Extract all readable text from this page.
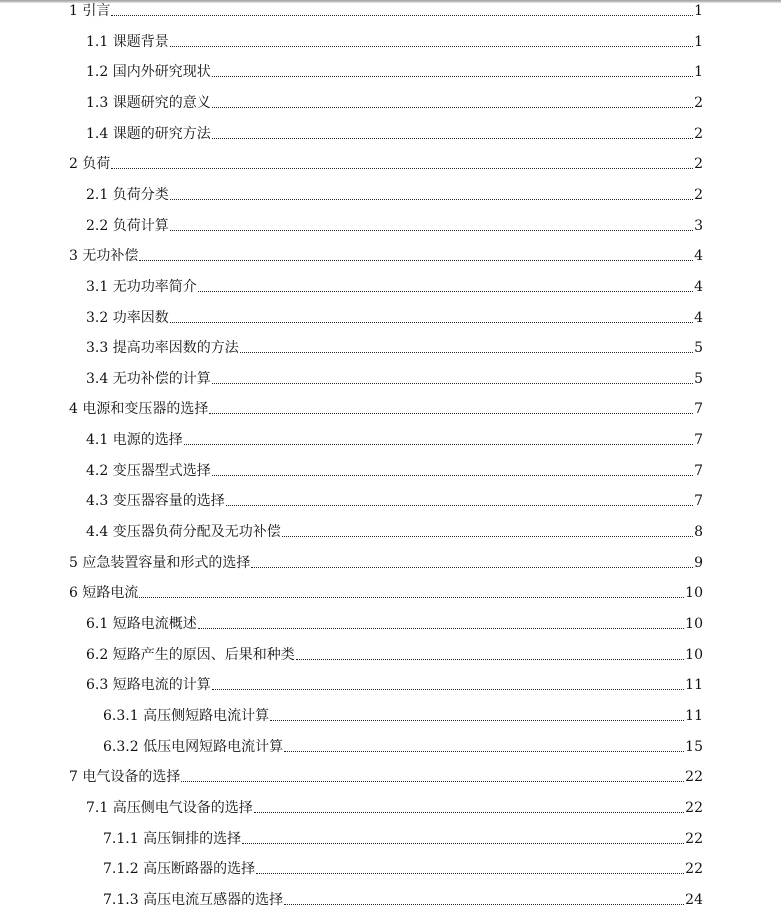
1 引言	1
1.1 课题背景	1
1.2 国内外研究现状	1
1.3 课题研究的意义	2
1.4 课题的研究方法	2
2 负荷	2
2.1 负荷分类	2
2.2 负荷计算	3
3 无功补偿	4
3.1 无功功率简介	4
3.2 功率因数	4
3.3 提高功率因数的方法	5
3.4 无功补偿的计算	5
4 电源和变压器的选择	7
4.1 电源的选择	7
4.2 变压器型式选择	7
4.3 变压器容量的选择	7
4.4 变压器负荷分配及无功补偿	8
5 应急装置容量和形式的选择	9
6 短路电流	10
6.1 短路电流概述	10
6.2 短路产生的原因、后果和种类	10
6.3 短路电流的计算	11
6.3.1 高压侧短路电流计算	11
6.3.2 低压电网短路电流计算	15
7 电气设备的选择	22
7.1 高压侧电气设备的选择	22
7.1.1 高压铜排的选择	22
7.1.2 高压断路器的选择	22
7.1.3 高压电流互感器的选择	24
